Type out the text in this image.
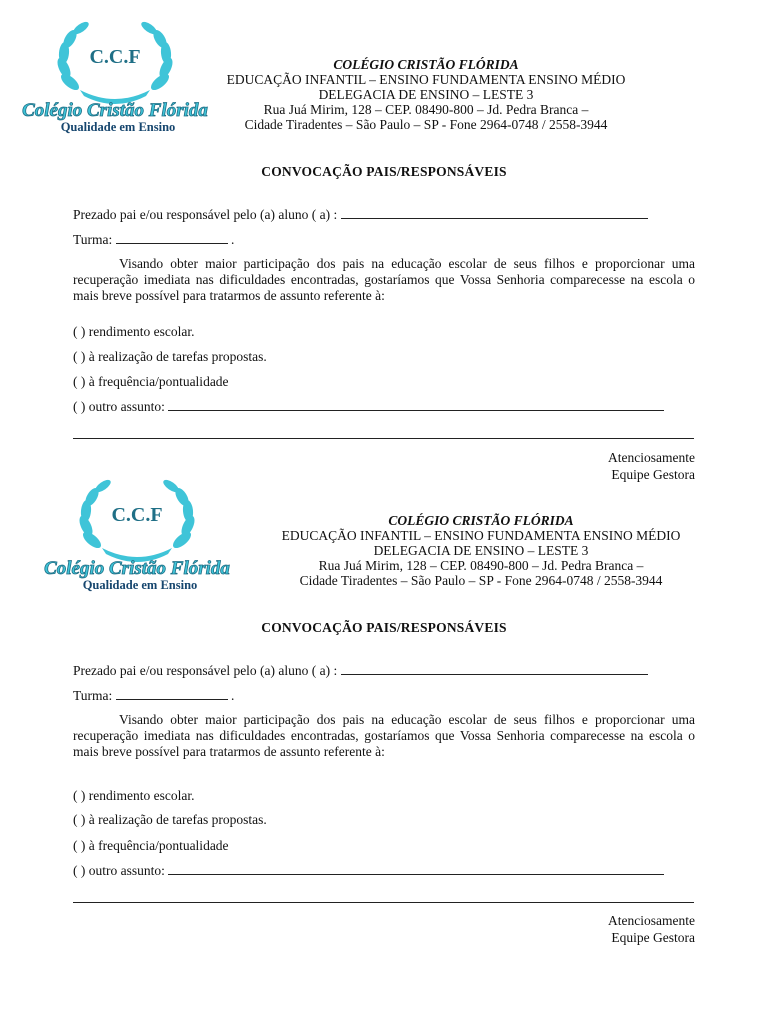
C.C.F
Colégio Cristão Flórida
Qualidade em Ensino
COLÉGIO CRISTÃO FLÓRIDA
EDUCAÇÃO INFANTIL – ENSINO FUNDAMENTA ENSINO MÉDIO
DELEGACIA DE ENSINO – LESTE 3
Rua Juá Mirim, 128 – CEP. 08490-800 – Jd. Pedra Branca –
Cidade Tiradentes – São Paulo – SP - Fone 2964-0748 / 2558-3944
CONVOCAÇÃO PAIS/RESPONSÁVEIS
Prezado pai e/ou responsável pelo (a) aluno ( a) :
Turma:	.
Visando obter maior participação dos pais na educação escolar de seus filhos e proporcionar uma recuperação imediata nas dificuldades encontradas, gostaríamos que Vossa Senhoria comparecesse na escola o mais breve possível para tratarmos de assunto referente à:
( ) rendimento escolar.
( ) à realização de tarefas propostas.
( ) à frequência/pontualidade
( ) outro assunto:
Atenciosamente
Equipe Gestora
C.C.F
Colégio Cristão Flórida
Qualidade em Ensino
COLÉGIO CRISTÃO FLÓRIDA
EDUCAÇÃO INFANTIL – ENSINO FUNDAMENTA ENSINO MÉDIO
DELEGACIA DE ENSINO – LESTE 3
Rua Juá Mirim, 128 – CEP. 08490-800 – Jd. Pedra Branca –
Cidade Tiradentes – São Paulo – SP - Fone 2964-0748 / 2558-3944
CONVOCAÇÃO PAIS/RESPONSÁVEIS
Prezado pai e/ou responsável pelo (a) aluno ( a) :
Turma:	.
Visando obter maior participação dos pais na educação escolar de seus filhos e proporcionar uma recuperação imediata nas dificuldades encontradas, gostaríamos que Vossa Senhoria comparecesse na escola o mais breve possível para tratarmos de assunto referente à:
( ) rendimento escolar.
( ) à realização de tarefas propostas.
( ) à frequência/pontualidade
( ) outro assunto:
Atenciosamente
Equipe Gestora
